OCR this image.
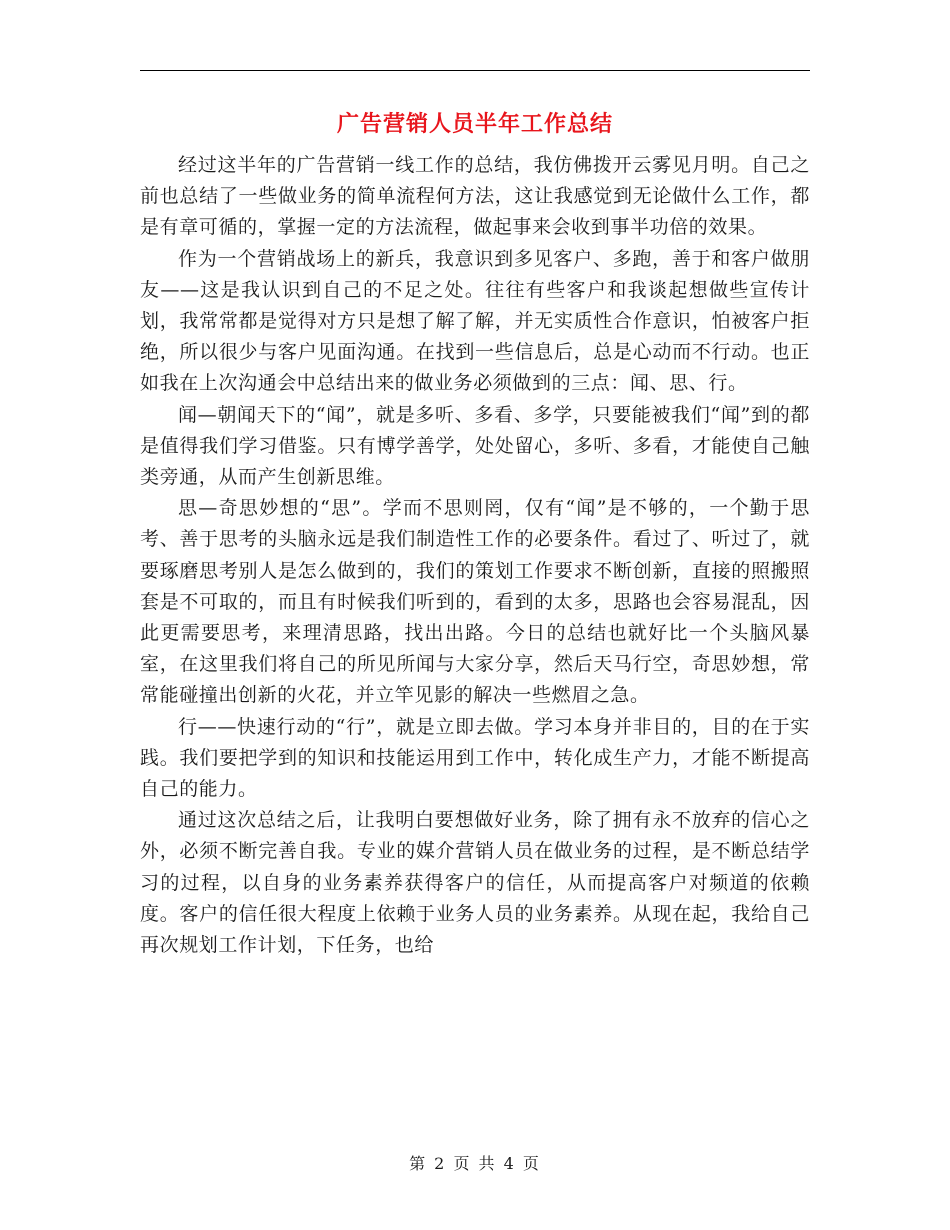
广告营销人员半年工作总结

经过这半年的广告营销一线工作的总结，我仿佛拨开云雾见月明。自己之前也总结了一些做业务的简单流程何方法，这让我感觉到无论做什么工作，都是有章可循的，掌握一定的方法流程，做起事来会收到事半功倍的效果。

作为一个营销战场上的新兵，我意识到多见客户、多跑，善于和客户做朋友——这是我认识到自己的不足之处。往往有些客户和我谈起想做些宣传计划，我常常都是觉得对方只是想了解了解，并无实质性合作意识，怕被客户拒绝，所以很少与客户见面沟通。在找到一些信息后，总是心动而不行动。也正如我在上次沟通会中总结出来的做业务必须做到的三点：闻、思、行。

闻—朝闻天下的“闻”，就是多听、多看、多学，只要能被我们“闻”到的都是值得我们学习借鉴。只有博学善学，处处留心，多听、多看，才能使自己触类旁通，从而产生创新思维。

思—奇思妙想的“思”。学而不思则罔，仅有“闻”是不够的，一个勤于思考、善于思考的头脑永远是我们制造性工作的必要条件。看过了、听过了，就要琢磨思考别人是怎么做到的，我们的策划工作要求不断创新，直接的照搬照套是不可取的，而且有时候我们听到的，看到的太多，思路也会容易混乱，因此更需要思考，来理清思路，找出出路。今日的总结也就好比一个头脑风暴室，在这里我们将自己的所见所闻与大家分享，然后天马行空，奇思妙想，常常能碰撞出创新的火花，并立竿见影的解决一些燃眉之急。

行——快速行动的“行”，就是立即去做。学习本身并非目的，目的在于实践。我们要把学到的知识和技能运用到工作中，转化成生产力，才能不断提高自己的能力。

通过这次总结之后，让我明白要想做好业务，除了拥有永不放弃的信心之外，必须不断完善自我。专业的媒介营销人员在做业务的过程，是不断总结学习的过程，以自身的业务素养获得客户的信任，从而提高客户对频道的依赖度。客户的信任很大程度上依赖于业务人员的业务素养。从现在起，我给自己再次规划工作计划，下任务，也给

第 2 页 共 4 页
